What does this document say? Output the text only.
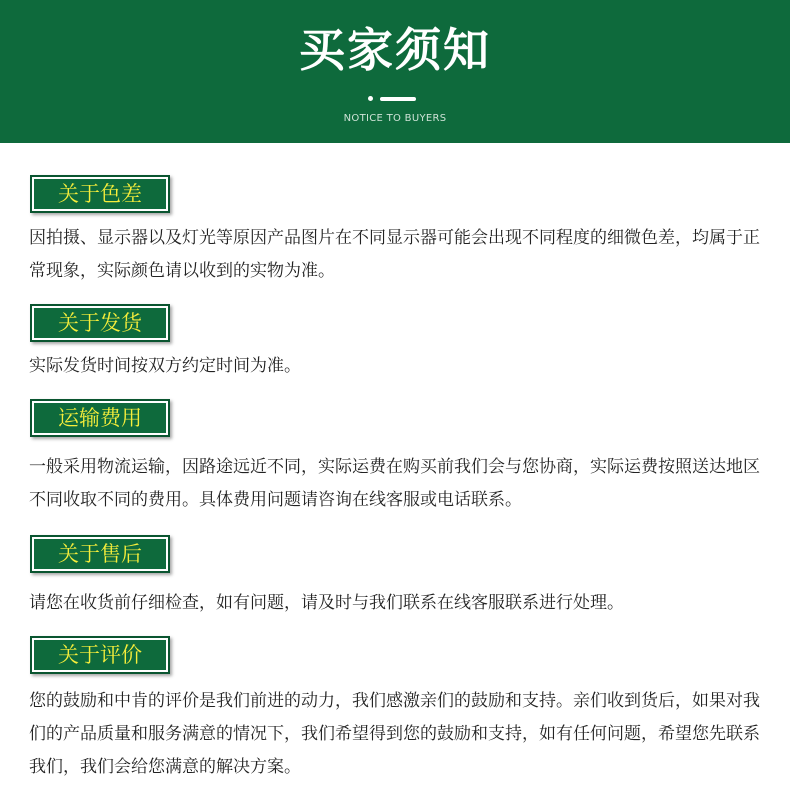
买家须知
NOTICE TO BUYERS
关于色差

因拍摄、显示器以及灯光等原因产品图片在不同显示器可能会出现不同程度的细微色差，均属于正常现象，实际颜色请以收到的实物为准。

关于发货

实际发货时间按双方约定时间为准。

运输费用

一般采用物流运输，因路途远近不同，实际运费在购买前我们会与您协商，实际运费按照送达地区不同收取不同的费用。具体费用问题请咨询在线客服或电话联系。

关于售后

请您在收货前仔细检查，如有问题，请及时与我们联系在线客服联系进行处理。

关于评价

您的鼓励和中肯的评价是我们前进的动力，我们感激亲们的鼓励和支持。亲们收到货后，如果对我们的产品质量和服务满意的情况下，我们希望得到您的鼓励和支持，如有任何问题，希望您先联系我们，我们会给您满意的解决方案。
